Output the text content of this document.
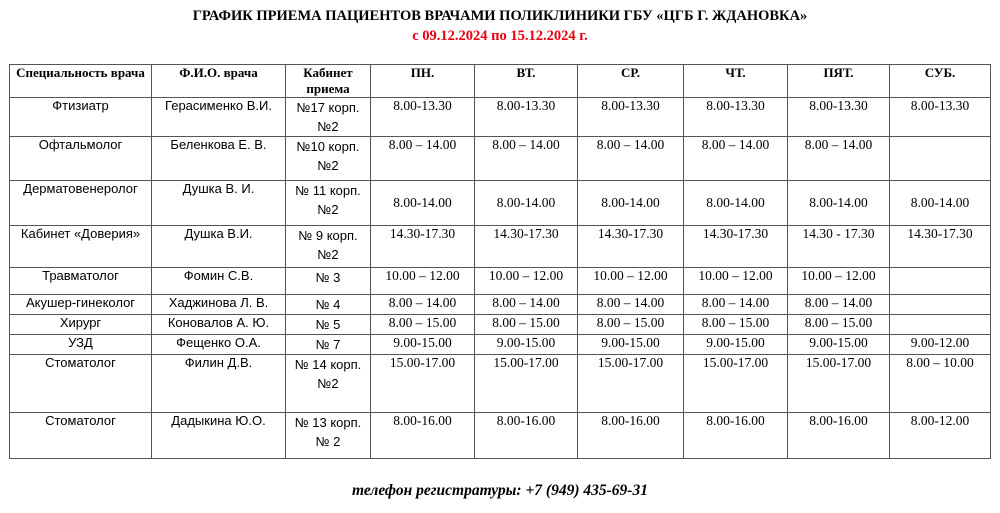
ГРАФИК ПРИЕМА ПАЦИЕНТОВ ВРАЧАМИ ПОЛИКЛИНИКИ ГБУ «ЦГБ Г. ЖДАНОВКА»
с 09.12.2024 по 15.12.2024 г.
Специальность врача	Ф.И.О. врача	Кабинет приема	ПН.	ВТ.	СР.	ЧТ.	ПЯТ.	СУБ.
Фтизиатр	Герасименко В.И.	№17 корп. №2	8.00-13.30	8.00-13.30	8.00-13.30	8.00-13.30	8.00-13.30	8.00-13.30
Офтальмолог	Беленкова Е. В.	№10 корп. №2	8.00 – 14.00	8.00 – 14.00	8.00 – 14.00	8.00 – 14.00	8.00 – 14.00	
Дерматовенеролог	Душка В. И.	№ 11 корп.№2	8.00-14.00	8.00-14.00	8.00-14.00	8.00-14.00	8.00-14.00	8.00-14.00
Кабинет «Доверия»	Душка В.И.	№ 9 корп. №2	14.30-17.30	14.30-17.30	14.30-17.30	14.30-17.30	14.30 - 17.30	14.30-17.30
Травматолог	Фомин С.В.	№ 3	10.00 – 12.00	10.00 – 12.00	10.00 – 12.00	10.00 – 12.00	10.00 – 12.00	
Акушер-гинеколог	Хаджинова Л. В.	№ 4	8.00 – 14.00	8.00 – 14.00	8.00 – 14.00	8.00 – 14.00	8.00 – 14.00	
Хирург	Коновалов А. Ю.	№ 5	8.00 – 15.00	8.00 – 15.00	8.00 – 15.00	8.00 – 15.00	8.00 – 15.00	
УЗД	Фещенко О.А.	№ 7	9.00-15.00	9.00-15.00	9.00-15.00	9.00-15.00	9.00-15.00	9.00-12.00
Стоматолог	Филин Д.В.	№ 14 корп.№2	15.00-17.00	15.00-17.00	15.00-17.00	15.00-17.00	15.00-17.00	8.00 – 10.00
Стоматолог	Дадыкина Ю.О.	№ 13 корп. № 2	8.00-16.00	8.00-16.00	8.00-16.00	8.00-16.00	8.00-16.00	8.00-12.00
телефон регистратуры: +7 (949) 435-69-31
